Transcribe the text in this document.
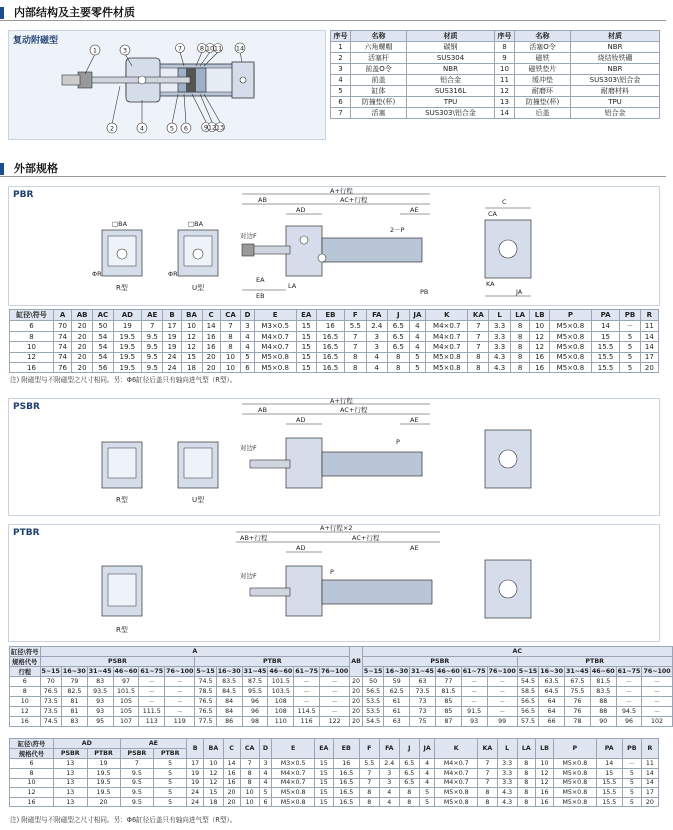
内部结构及主要零件材质
复动附磁型
1
2
3
4	5 6
7	8
9
10 11
12 13
14
序号	名称	材质	序号	名称	材质
1	六角螺帽	碳钢	8	活塞O令	NBR
2	活塞杆	SUS304	9	磁铁	烧结钕铁硼
3	前盖O令	NBR	10	磁铁垫片	NBR
4	前盖	铝合金	11	缓冲垫	SUS303\铝合金
5	缸体	SUS316L	12	耐磨环	耐磨材料
6	防撞垫(杯)	TPU	13	防撞垫(杯)	TPU
7	活塞	SUS303\铝合金	14	后盖	铝合金
外部规格
PBR
□BA	□BA
ΦR	ΦR
R型	U型
A+行程
AB	AC+行程
AD	AE
2－P
对边F
EA
EB
LA
PB
C
CA
JA
KA
缸径\符号	A	AB	AC	AD	AE	B	BA	C	CA	D	E	EA	EB	F	FA	J	JA	K	KA	L	LA	LB	P	PA	PB	R
6	70	20	50	19	7	17	10	14	7	3	M3×0.5	15	16	5.5	2.4	6.5	4	M4×0.7	7	3.3	8	10	M5×0.8	14	－	11
8	74	20	54	19.5	9.5	19	12	16	8	4	M4×0.7	15	16.5	7	3	6.5	4	M4×0.7	7	3.3	8	12	M5×0.8	15	5	14
10	74	20	54	19.5	9.5	19	12	16	8	4	M4×0.7	15	16.5	7	3	6.5	4	M4×0.7	7	3.3	8	12	M5×0.8	15.5	5	14
12	74	20	54	19.5	9.5	24	15	20	10	5	M5×0.8	15	16.5	8	4	8	5	M5×0.8	8	4.3	8	16	M5×0.8	15.5	5	17
16	76	20	56	19.5	9.5	24	18	20	10	6	M5×0.8	15	16.5	8	4	8	5	M5×0.8	8	4.3	8	16	M5×0.8	15.5	5	20
注) 附磁型与不附磁型之尺寸相同。另：Φ6缸径后盖只有轴向进气型（R型）。
PSBR
A+行程
AB	AC+行程
AD	AE
P
对边F
R型	U型
PTBR	A+行程×2
AB+行程	AC+行程
AD	AE
P
对边F
R型
缸径\符号	A												AB	AC											
规格代号	PSBR						PTBR							PSBR						PTBR					
行程	5~15	16~30	31~45	46~60	61~75	76~100	5~15	16~30	31~45	46~60	61~75	76~100		5~15	16~30	31~45	46~60	61~75	76~100	5~15	16~30	31~45	46~60	61~75	76~100
6	70	79	83	97	－	－	74.5	83.5	87.5	101.5	－	－	20	50	59	63	77	－	－	54.5	63.5	67.5	81.5	－	－
8	76.5	82.5	93.5	101.5	－	－	78.5	84.5	95.5	103.5	－	－	20	56.5	62.5	73.5	81.5	－	－	58.5	64.5	75.5	83.5	－	－
10	73.5	81	93	105	－	－	76.5	84	96	108	－	－	20	53.5	61	73	85	－	－	56.5	64	76	88	－	－
12	73.5	81	93	105	111.5	－	76.5	84	96	108	114.5	－	20	53.5	61	73	85	91.5	－	56.5	64	76	88	94.5	－
16	74.5	83	95	107	113	119	77.5	86	98	110	116	122	20	54.5	63	75	87	93	99	57.5	66	78	90	96	102
缸径\符号	AD		AE		B	BA	C	CA	D	E	EA	EB	F	FA	J	JA	K	KA	L	LA	LB	P	PA	PB	R
规格代号	PSBR	PTBR	PSBR	PTBR																					
6	13	19	7	5	17	10	14	7	3	M3×0.5	15	16	5.5	2.4	6.5	4	M4×0.7	7	3.3	8	10	M5×0.8	14	－	11
8	13	19.5	9.5	5	19	12	16	8	4	M4×0.7	15	16.5	7	3	6.5	4	M4×0.7	7	3.3	8	12	M5×0.8	15	5	14
10	13	19.5	9.5	5	19	12	16	8	4	M4×0.7	15	16.5	7	3	6.5	4	M4×0.7	7	3.3	8	12	M5×0.8	15.5	5	14
12	13	19.5	9.5	5	24	15	20	10	5	M5×0.8	15	16.5	8	4	8	5	M5×0.8	8	4.3	8	16	M5×0.8	15.5	5	17
16	13	20	9.5	5	24	18	20	10	6	M5×0.8	15	16.5	8	4	8	5	M5×0.8	8	4.3	8	16	M5×0.8	15.5	5	20
注) 附磁型与不附磁型之尺寸相同。另：Φ6缸径后盖只有轴向进气型（R型）。
